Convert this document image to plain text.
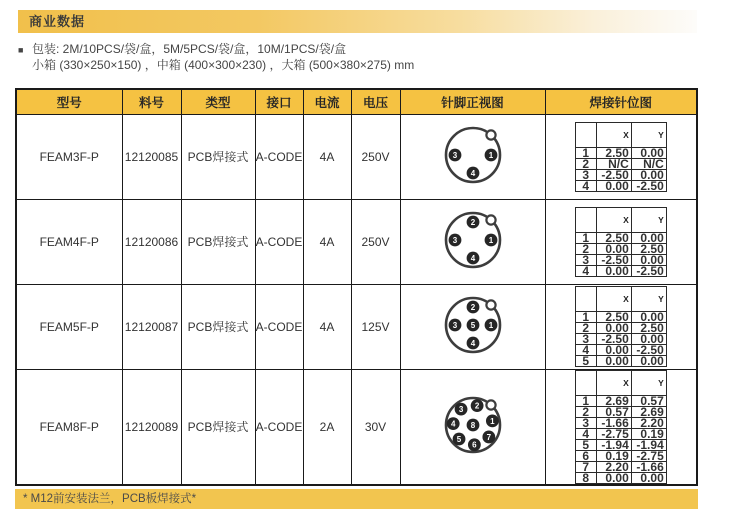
商业数据
■ 包装: 2M/10PCS/袋/盒，5M/5PCS/袋/盒，10M/1PCS/袋/盒
小箱 (330×250×150) ，中箱 (400×300×230) ，大箱 (500×380×275) mm
型号	料号	类型	接口	电流	电压	针脚正视图	焊接针位图
FEAM3F-P	12120085	PCB焊接式	A-CODE	4A	250V	1
3
4

	X	Y
1	2.50	0.00
2	N/C	N/C
3	-2.50	0.00
4	0.00	-2.50

FEAM4F-P	12120086	PCB焊接式	A-CODE	4A	250V	1
2
3
4

	X	Y
1	2.50	0.00
2	0.00	2.50
3	-2.50	0.00
4	0.00	-2.50

FEAM5F-P	12120087	PCB焊接式	A-CODE	4A	125V	1
2
3
4
5

	X	Y
1	2.50	0.00
2	0.00	2.50
3	-2.50	0.00
4	0.00	-2.50
5	0.00	0.00

FEAM8F-P	12120089	PCB焊接式	A-CODE	2A	30V	1
2
3
4
5
6
7
8

	X	Y
1	2.69	0.57
2	0.57	2.69
3	-1.66	2.20
4	-2.75	0.19
5	-1.94	-1.94
6	0.19	-2.75
7	2.20	-1.66
8	0.00	0.00
* M12前安装法兰，PCB板焊接式*
